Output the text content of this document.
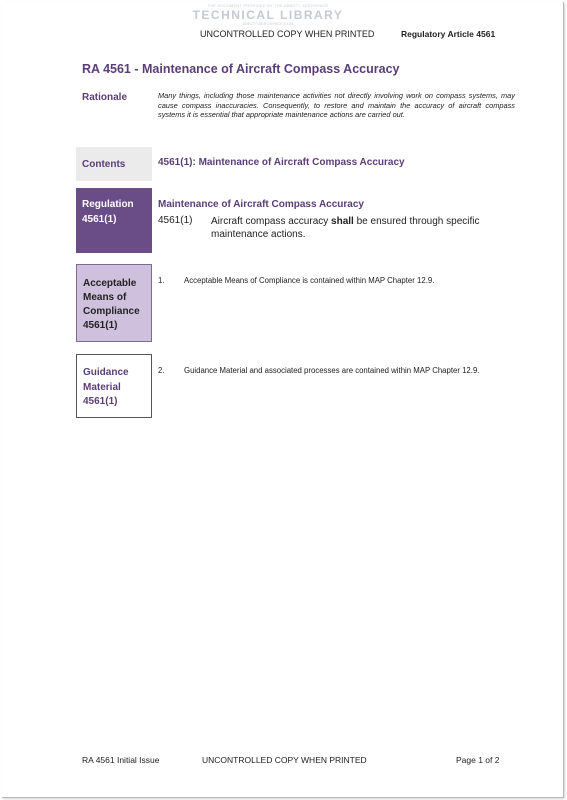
THE DOCUMENT PROVIDED BY THE ABBOTT AEROSPACE
TECHNICAL LIBRARY
ABBOTTAEROSPACE.COM
UNCONTROLLED COPY WHEN PRINTED	Regulatory Article 4561
RA 4561 - Maintenance of Aircraft Compass Accuracy
Rationale	Many things, including those maintenance activities not directly involving work on compass systems, may cause compass inaccuracies. Consequently, to restore and maintain the accuracy of aircraft compass systems it is essential that appropriate maintenance actions are carried out.
Contents	4561(1): Maintenance of Aircraft Compass Accuracy
Regulation
4561(1)
Maintenance of Aircraft Compass Accuracy
4561(1) Aircraft compass accuracy shall be ensured through specific maintenance actions.
Acceptable
Means of
Compliance
4561(1)
1. Acceptable Means of Compliance is contained within MAP Chapter 12.9.
Guidance
Material
4561(1)
2. Guidance Material and associated processes are contained within MAP Chapter 12.9.
RA 4561 Initial Issue	UNCONTROLLED COPY WHEN PRINTED	Page 1 of 2
